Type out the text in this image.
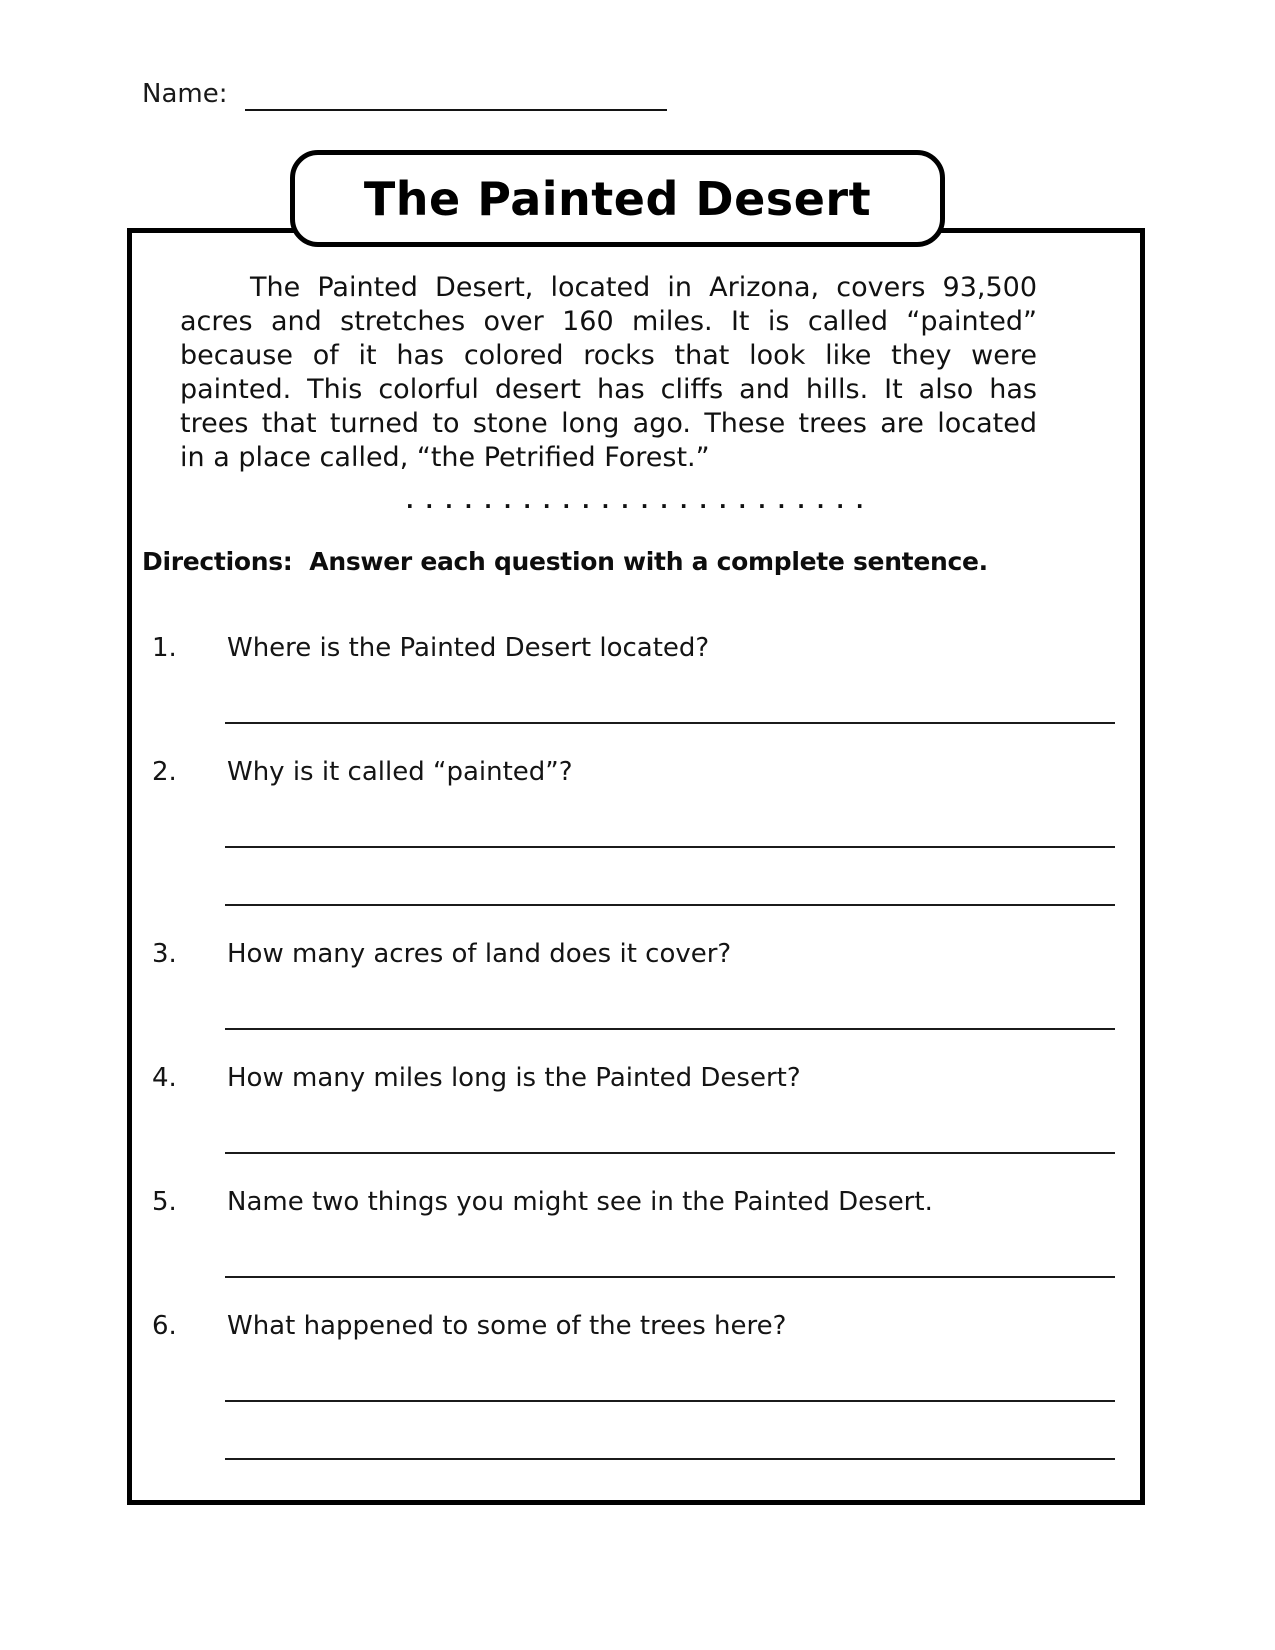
Name:
The Painted Desert
The Painted Desert, located in Arizona, covers 93,500
acres and stretches over 160 miles. It is called “painted”
because of it has colored rocks that look like they were
painted. This colorful desert has cliffs and hills. It also has
trees that turned to stone long ago. These trees are located
in a place called, “the Petrified Forest.”
. . . . . . . . . . . . . . . . . . . . . . . .
Directions:  Answer each question with a complete sentence.
1.	Where is the Painted Desert located?
2.	Why is it called “painted”?
3.	How many acres of land does it cover?
4.	How many miles long is the Painted Desert?
5.	Name two things you might see in the Painted Desert.
6.	What happened to some of the trees here?
